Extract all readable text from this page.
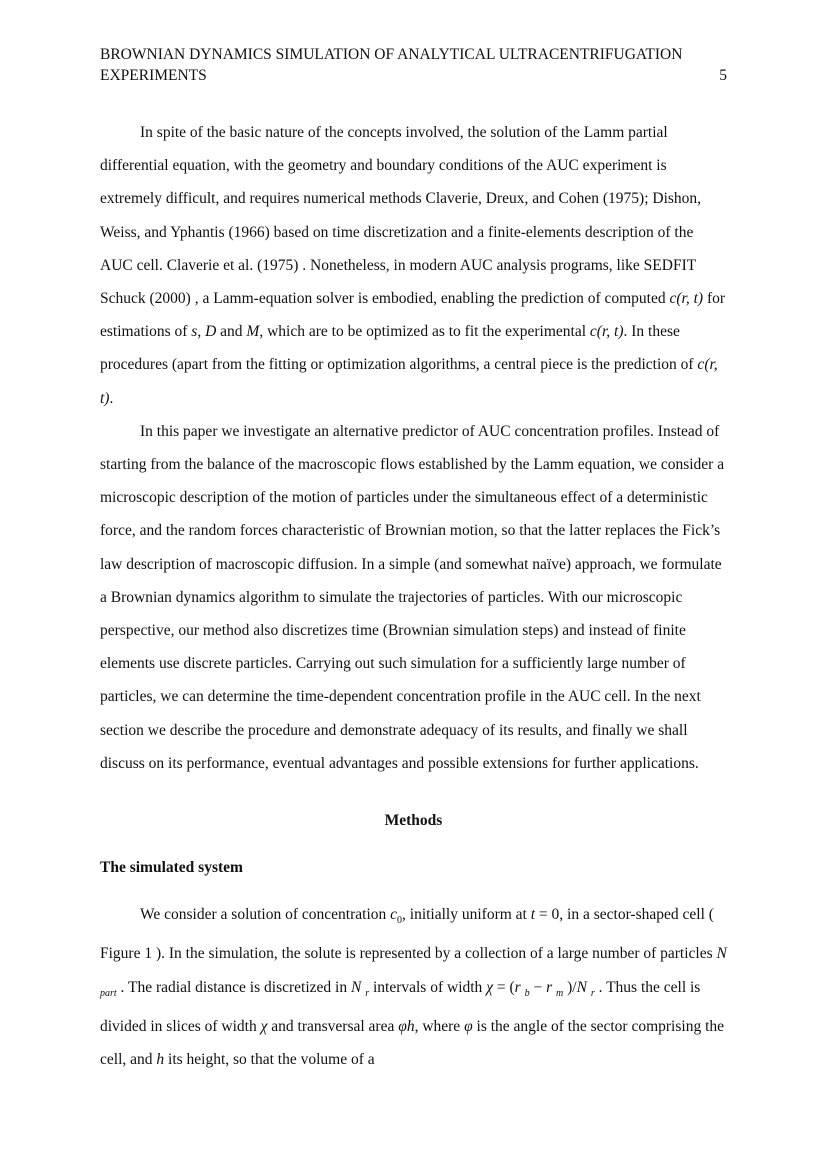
BROWNIAN DYNAMICS SIMULATION OF ANALYTICAL ULTRACENTRIFUGATION
EXPERIMENTS	5

In spite of the basic nature of the concepts involved, the solution of the Lamm partial differential equation, with the geometry and boundary conditions of the AUC experiment is extremely difficult, and requires numerical methods Claverie, Dreux, and Cohen (1975); Dishon, Weiss, and Yphantis (1966) based on time discretization and a finite-elements description of the AUC cell. Claverie et al. (1975) . Nonetheless, in modern AUC analysis programs, like SEDFIT Schuck (2000) , a Lamm-equation solver is embodied, enabling the prediction of computed c(r, t) for estimations of s, D and M, which are to be optimized as to fit the experimental c(r, t). In these procedures (apart from the fitting or optimization algorithms, a central piece is the prediction of c(r, t).

In this paper we investigate an alternative predictor of AUC concentration profiles. Instead of starting from the balance of the macroscopic flows established by the Lamm equation, we consider a microscopic description of the motion of particles under the simultaneous effect of a deterministic force, and the random forces characteristic of Brownian motion, so that the latter replaces the Fick’s law description of macroscopic diffusion. In a simple (and somewhat naïve) approach, we formulate a Brownian dynamics algorithm to simulate the trajectories of particles. With our microscopic perspective, our method also discretizes time (Brownian simulation steps) and instead of finite elements use discrete particles. Carrying out such simulation for a sufficiently large number of particles, we can determine the time-dependent concentration profile in the AUC cell. In the next section we describe the procedure and demonstrate adequacy of its results, and finally we shall discuss on its performance, eventual advantages and possible extensions for further applications.

Methods
The simulated system

We consider a solution of concentration $c_0$, initially uniform at t = 0, in a sector-shaped cell ( Figure 1 ). In the simulation, the solute is represented by a collection of a large number of particles N $_{part}$ . The radial distance is discretized in N $_r$ intervals of width χ = (r $_b$ − r $_m$ )/N $_r$ . Thus the cell is divided in slices of width χ and transversal area φh, where φ is the angle of the sector comprising the cell, and h its height, so that the volume of a
